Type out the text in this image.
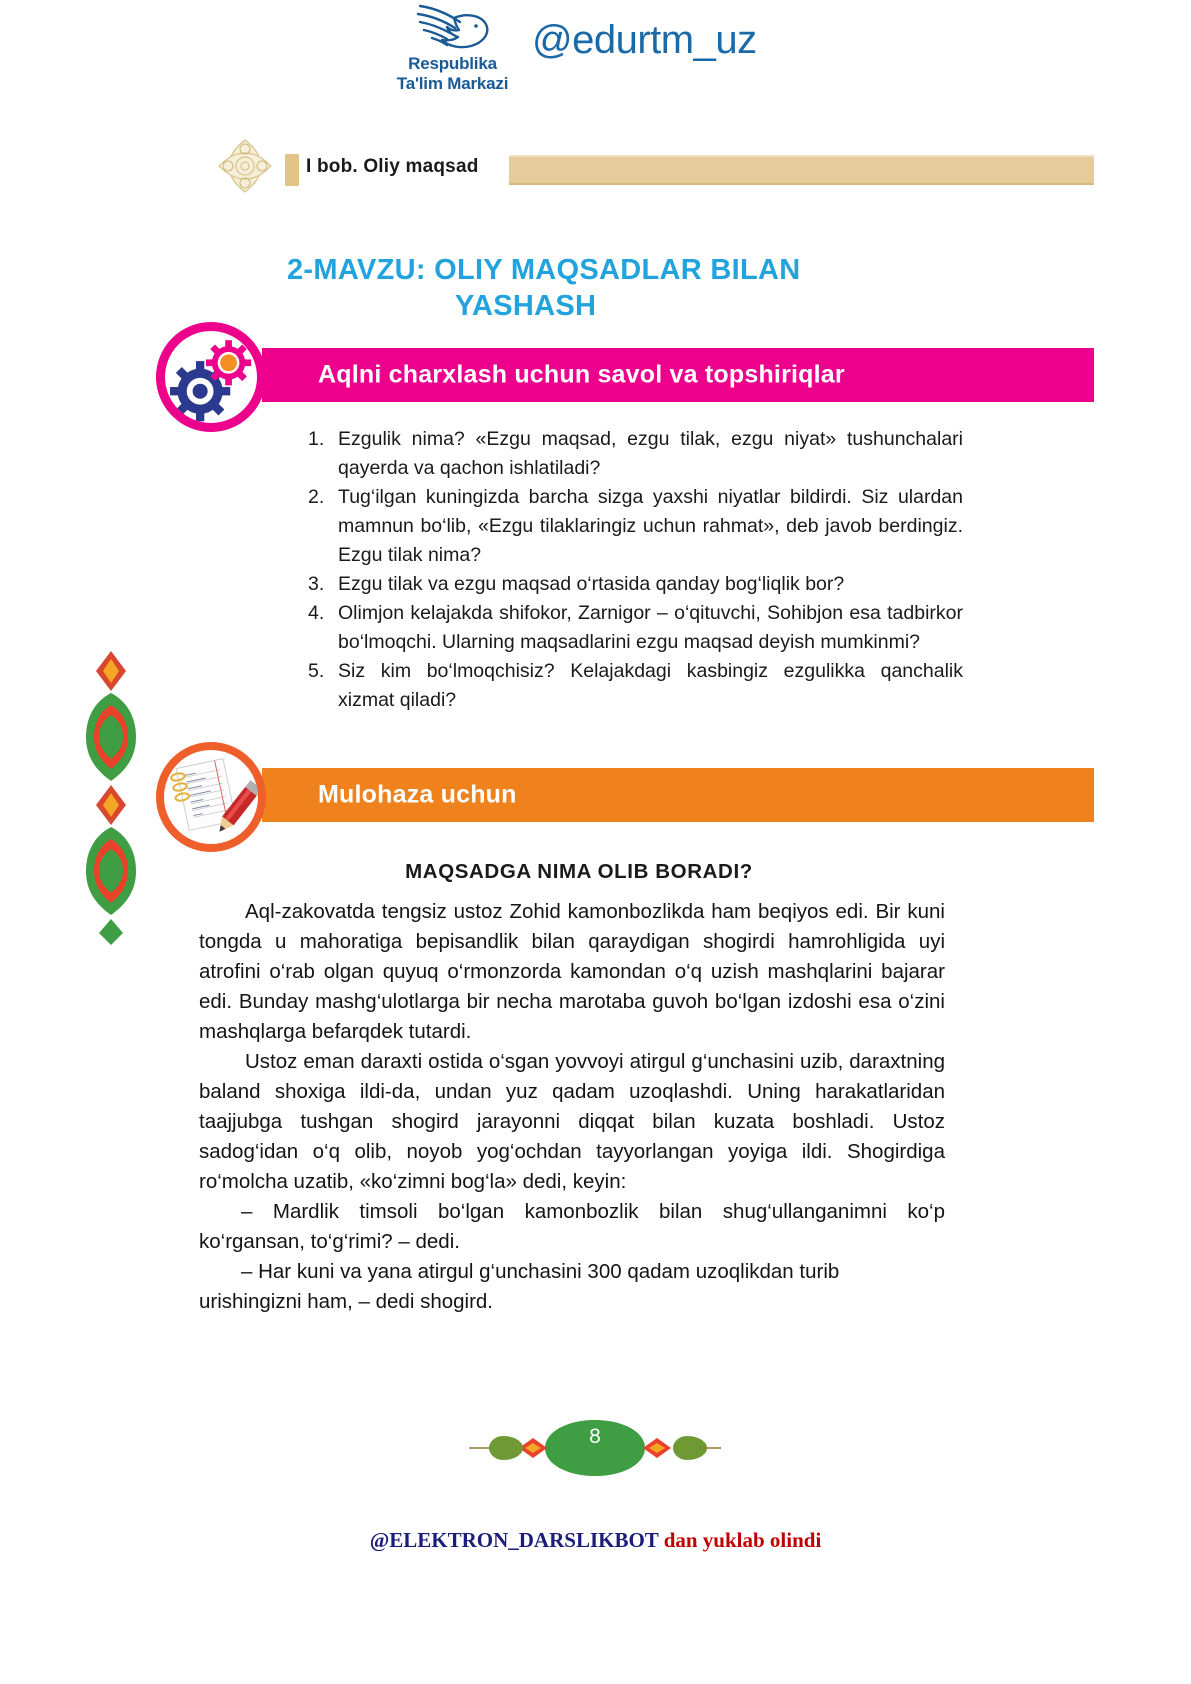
Respublika
Ta'lim Markazi
@edurtm_uz
I bob. Oliy maqsad
2-MAVZU: OLIY MAQSADLAR BILAN
YASHASH
Aqlni charxlash uchun savol va topshiriqlar
1. Ezgulik nima? «Ezgu maqsad, ezgu tilak, ezgu niyat» tushunchalari qayerda va qachon ishlatiladi?
2. Tug‘ilgan kuningizda barcha sizga yaxshi niyatlar bildirdi. Siz ulardan mamnun bo‘lib, «Ezgu tilaklaringiz uchun rahmat», deb javob berdingiz. Ezgu tilak nima?
3. Ezgu tilak va ezgu maqsad o‘rtasida qanday bog‘liqlik bor?
4. Olimjon kelajakda shifokor, Zarnigor – o‘qituvchi, Sohibjon esa tadbirkor bo‘lmoqchi. Ularning maqsadlarini ezgu maqsad deyish mumkinmi?
5. Siz kim bo‘lmoqchisiz? Kelajakdagi kasbingiz ezgulikka qanchalik xizmat qiladi?
Mulohaza uchun
MAQSADGA NIMA OLIB BORADI?

Aql-zakovatda tengsiz ustoz Zohid kamonbozlikda ham beqiyos edi. Bir kuni tongda u mahoratiga bepisandlik bilan qaraydigan shogirdi hamrohligida uyi atrofini o‘rab olgan quyuq o‘rmonzorda kamondan o‘q uzish mashqlarini bajarar edi. Bunday mashg‘ulotlarga bir necha marotaba guvoh bo‘lgan izdoshi esa o‘zini mashqlarga befarqdek tutardi.

Ustoz eman daraxti ostida o‘sgan yovvoyi atirgul g‘unchasini uzib, daraxtning baland shoxiga ildi-da, undan yuz qadam uzoqlashdi. Uning harakatlaridan taajjubga tushgan shogird jarayonni diqqat bilan kuzata boshladi. Ustoz sadog‘idan o‘q olib, noyob yog‘ochdan tayyorlangan yoyiga ildi. Shogirdiga ro‘molcha uzatib, «ko‘zimni bog‘la» dedi, keyin:

– Mardlik timsoli bo‘lgan kamonbozlik bilan shug‘ullanganimni ko‘p ko‘rgansan, to‘g‘rimi? – dedi.

– Har kuni va yana atirgul g‘unchasini 300 qadam uzoqlikdan turib urishingizni ham, – dedi shogird.

8
@ELEKTRON_DARSLIKBOT dan yuklab olindi
